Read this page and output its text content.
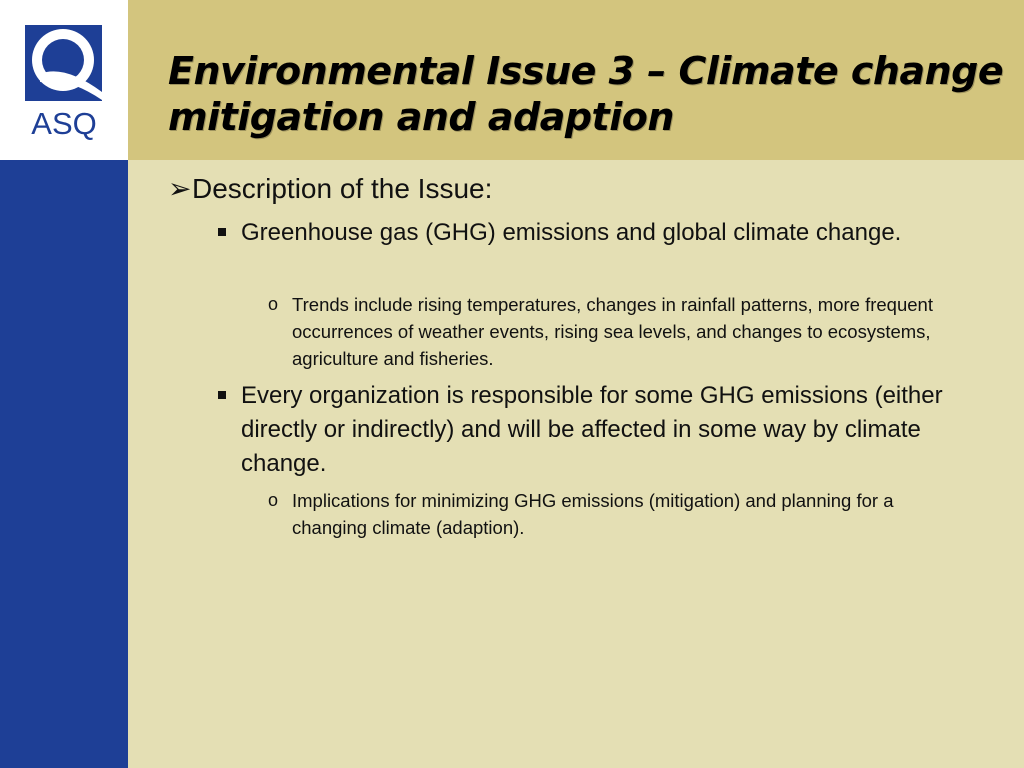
ASQ
Environmental Issue 3 – Climate change mitigation and adaption
➢ Description of the Issue:
Greenhouse gas (GHG) emissions and global climate change.
o Trends include rising temperatures, changes in rainfall patterns, more frequent occurrences of weather events, rising sea levels, and changes to ecosystems, agriculture and fisheries.
Every organization is responsible for some GHG emissions (either directly or indirectly) and will be affected in some way by climate change.
o Implications for minimizing GHG emissions (mitigation) and planning for a changing climate (adaption).
